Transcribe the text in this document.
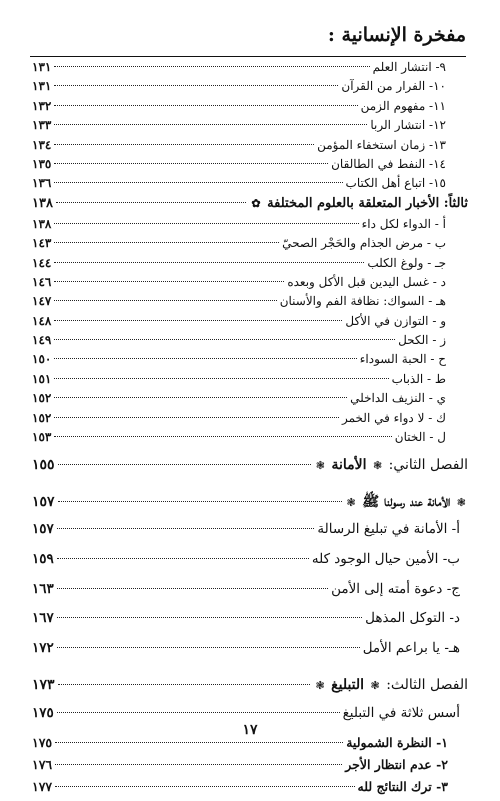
مفخرة الإنسانية :
٩- انتشار العلم
١٣١
١٠- الفرار من القرآن
١٣١
١١- مفهوم الزمن
١٣٢
١٢- انتشار الربا
١٣٣
١٣- زمان استخفاء المؤمن
١٣٤
١٤- النفط في الطالقان
١٣٥
١٥- اتباع أهل الكتاب
١٣٦
ثالثاً: الأخبار المتعلقة بالعلوم المختلفة ✿
١٣٨
أ - الدواء لكل داء
١٣٨
ب - مرض الجذام والحَجْر الصحيّ
١٤٣
جـ - ولوغ الكلب
١٤٤
د - غسل اليدين قبل الأكل وبعده
١٤٦
هـ - السواك: نظافة الفم والأسنان
١٤٧
و - التوازن في الأكل
١٤٨
ز - الكحل
١٤٩
ح - الحبة السوداء
١٥٠
ط - الذباب
١٥١
ي - النزيف الداخلي
١٥٢
ك - لا دواء في الخمر
١٥٢
ل - الختان
١٥٣
الفصل الثاني: ❃ الأمانة ❃
١٥٥
❃ الأمانة عند رسولنا ﷺ ❃
١٥٧
أ- الأمانة في تبليغ الرسالة
١٥٧
ب- الأمين حيال الوجود كله
١٥٩
ج- دعوة أمته إلى الأمن
١٦٣
د- التوكل المذهل
١٦٧
هـ- يا براعم الأمل
١٧٢
الفصل الثالث: ❃ التبليغ ❃
١٧٣
أسس ثلاثة في التبليغ
١٧٥
١- النظرة الشمولية
١٧٥
٢- عدم انتظار الأجر
١٧٦
٣- ترك النتائج لله
١٧٧
١٧
